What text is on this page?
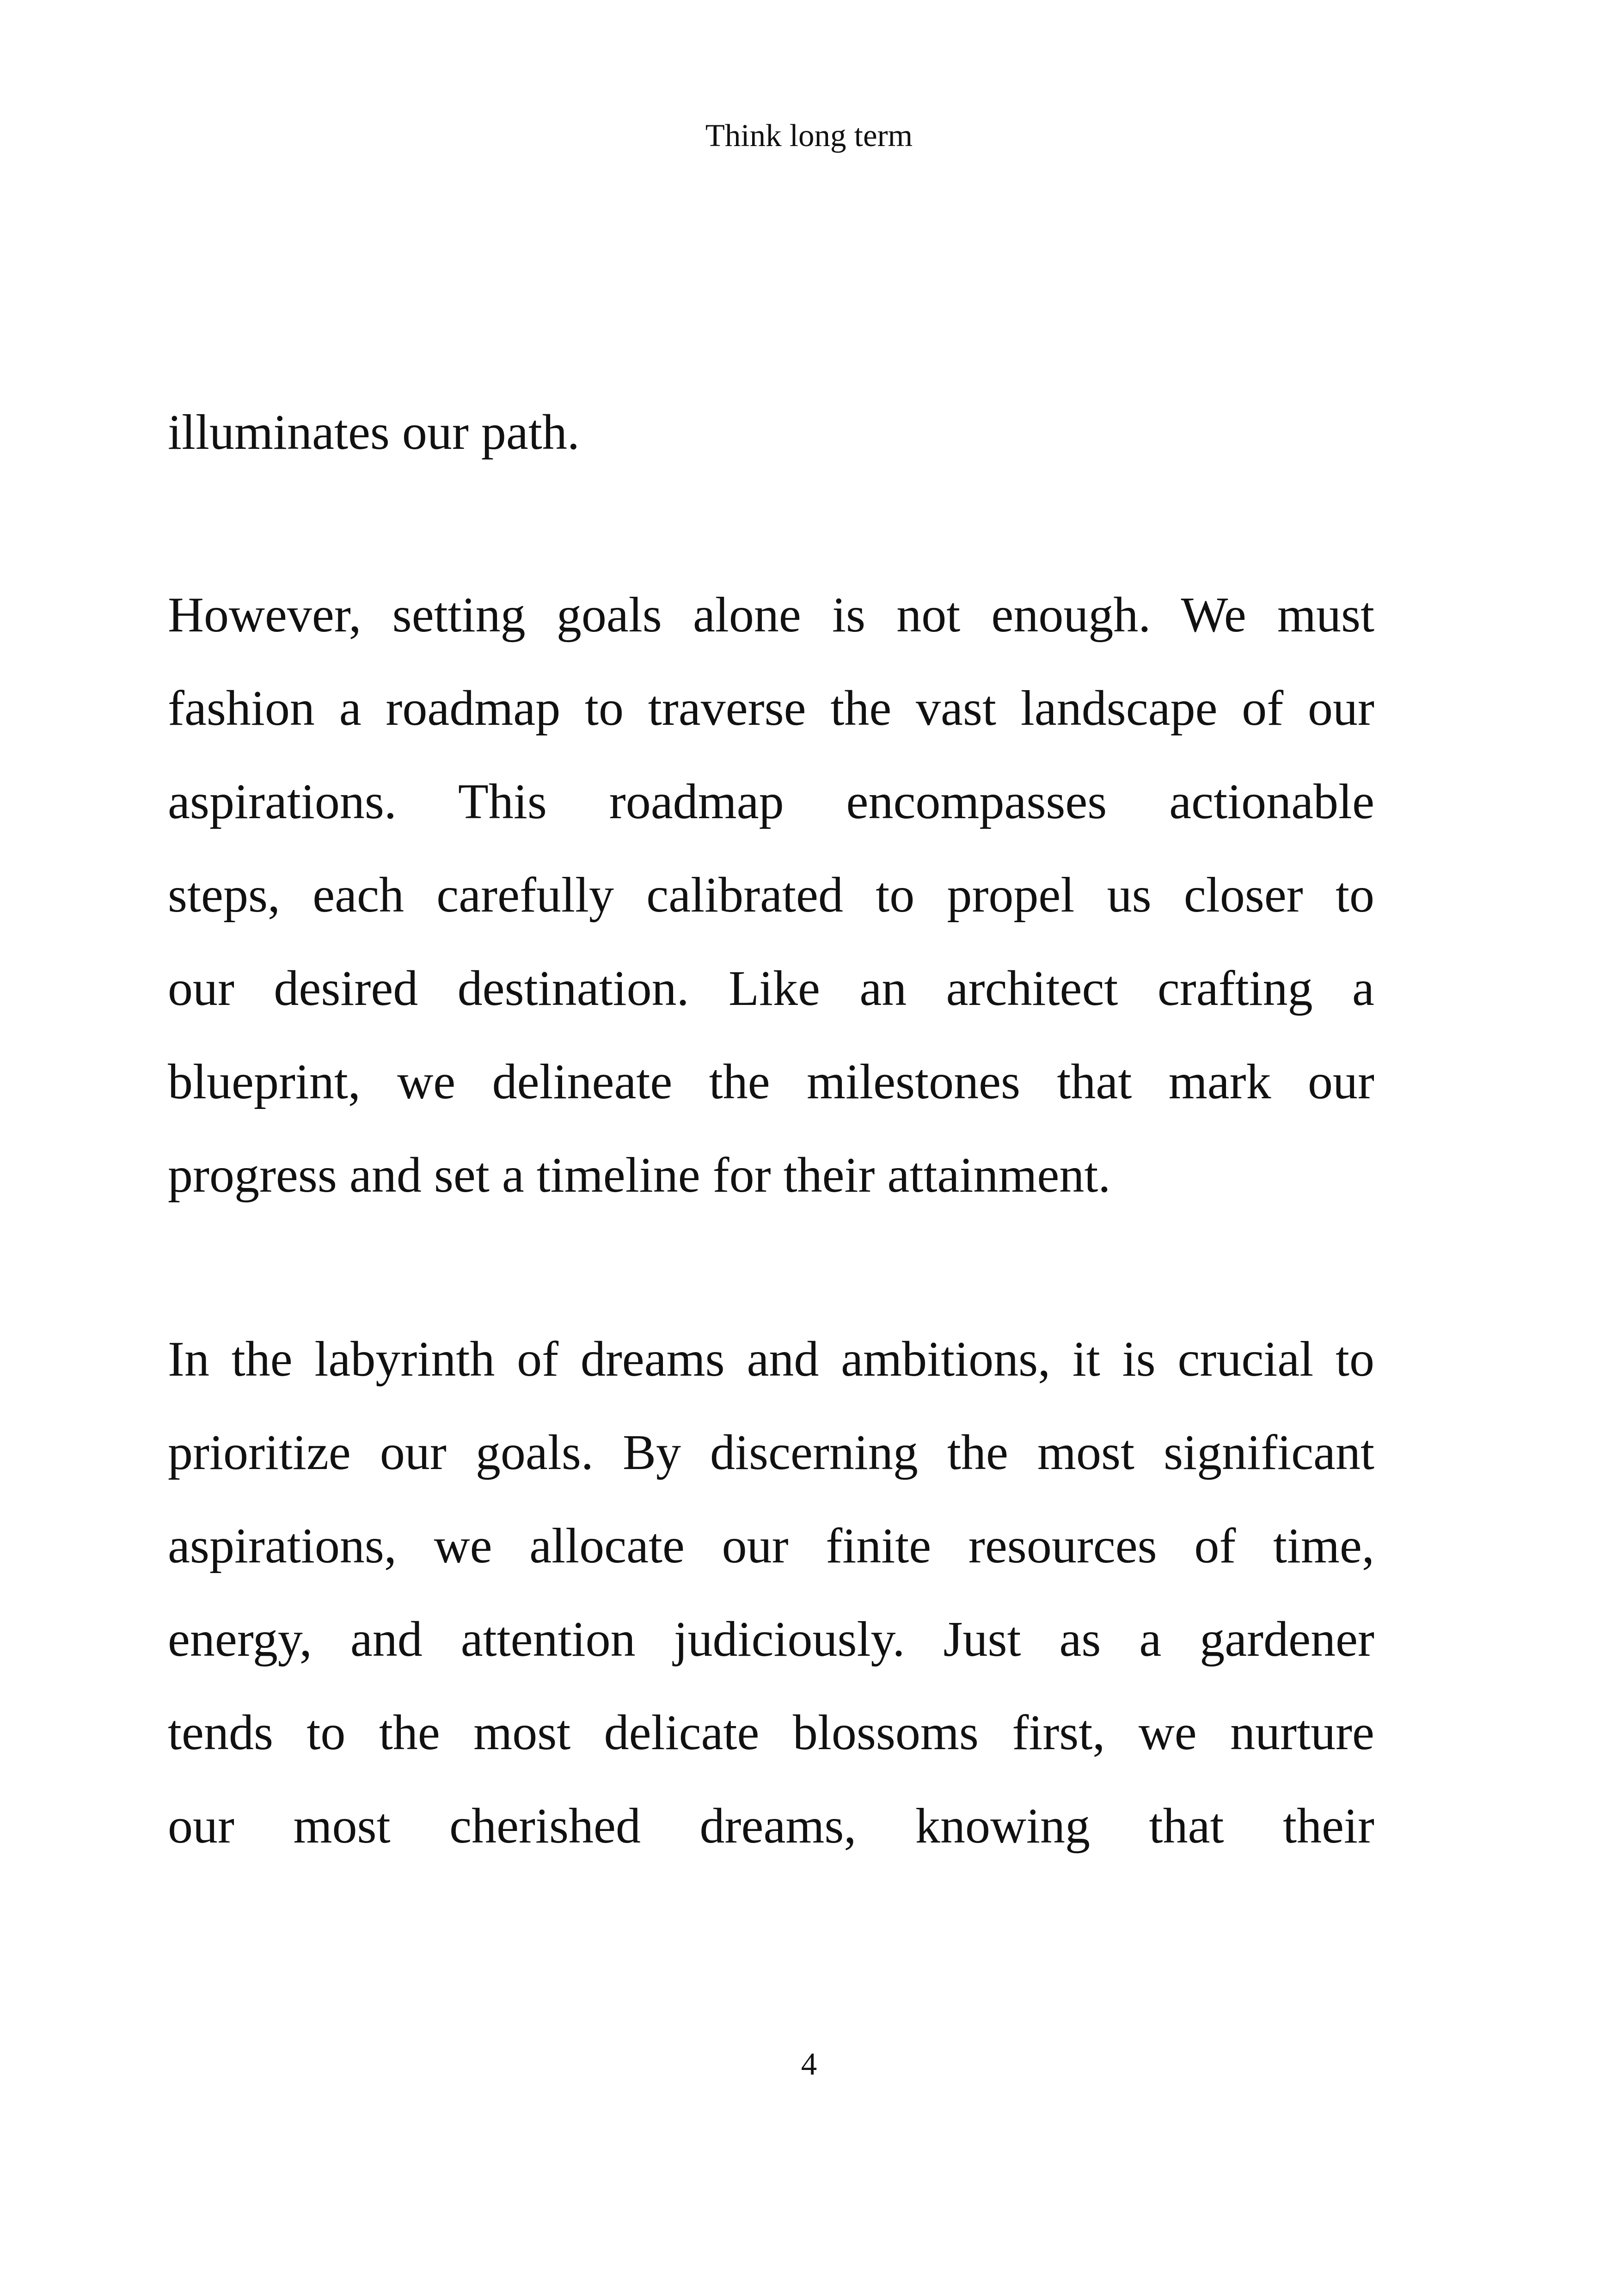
Think long term
illuminates our path.
However, setting goals alone is not enough. We must
fashion a roadmap to traverse the vast landscape of our
aspirations. This roadmap encompasses actionable
steps, each carefully calibrated to propel us closer to
our desired destination. Like an architect crafting a
blueprint, we delineate the milestones that mark our
progress and set a timeline for their attainment.
In the labyrinth of dreams and ambitions, it is crucial to
prioritize our goals. By discerning the most significant
aspirations, we allocate our finite resources of time,
energy, and attention judiciously. Just as a gardener
tends to the most delicate blossoms first, we nurture
our most cherished dreams, knowing that their
4
